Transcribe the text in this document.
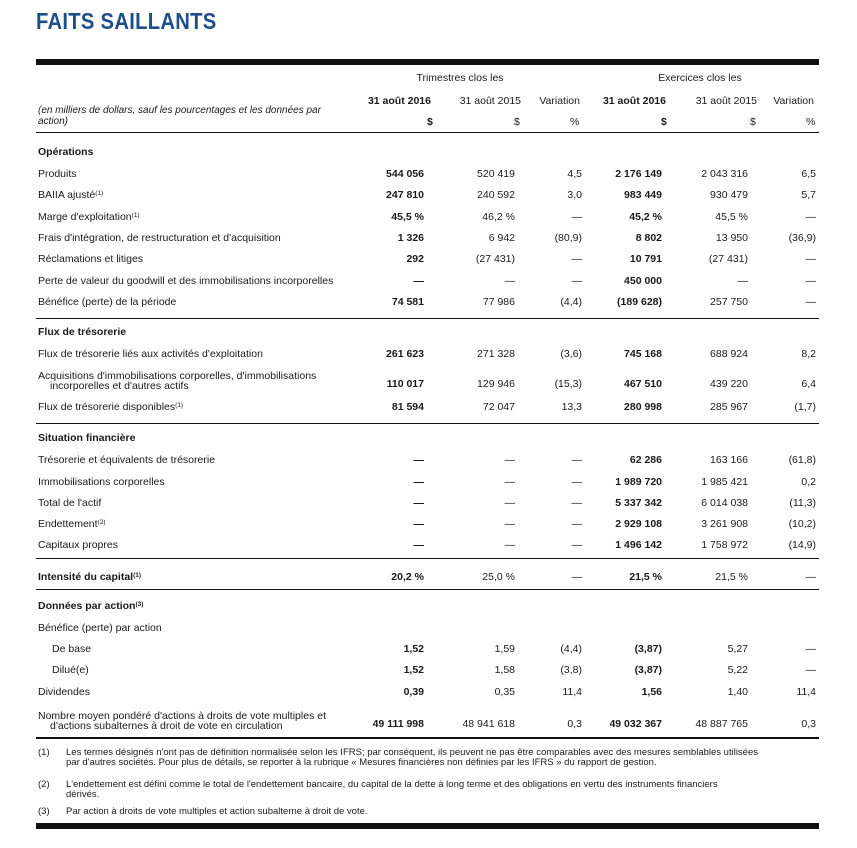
FAITS SAILLANTS
Trimestres clos les	Exercices clos les
31 août 2016	31 août 2015	Variation	31 août 2016	31 août 2015	Variation
(en milliers de dollars, sauf les pourcentages et les données par action)	$	$	%	$	$	%
Opérations
Flux de trésorerie
Situation financière
Données par action$^{(3)}$
Produits	544 056	520 419	4,5	2 176 149	2 043 316	6,5
BAIIA ajusté$^{(1)}$	247 810	240 592	3,0	983 449	930 479	5,7
Marge d'exploitation$^{(1)}$	45,5 %	46,2 %	—	45,2 %	45,5 %	—
Frais d'intégration, de restructuration et d'acquisition	1 326	6 942	(80,9)	8 802	13 950	(36,9)
Réclamations et litiges	292	(27 431)	—	10 791	(27 431)	—
Perte de valeur du goodwill et des immobilisations incorporelles	—	—	—	450 000	—	—
Bénéfice (perte) de la période	74 581	77 986	(4,4)	(189 628)	257 750	—
Flux de trésorerie liés aux activités d'exploitation	261 623	271 328	(3,6)	745 168	688 924	8,2
Acquisitions d'immobilisations corporelles, d'immobilisations
incorporelles et d'autres actifs	110 017	129 946	(15,3)	467 510	439 220	6,4
Flux de trésorerie disponibles$^{(1)}$	81 594	72 047	13,3	280 998	285 967	(1,7)
Trésorerie et équivalents de trésorerie	—	—	—	62 286	163 166	(61,8)
Immobilisations corporelles	—	—	—	1 989 720	1 985 421	0,2
Total de l'actif	—	—	—	5 337 342	6 014 038	(11,3)
Endettement$^{(2)}$	—	—	—	2 929 108	3 261 908	(10,2)
Capitaux propres	—	—	—	1 496 142	1 758 972	(14,9)
Intensité du capital$^{(1)}$	20,2 %	25,0 %	—	21,5 %	21,5 %	—
Bénéfice (perte) par action
De base	1,52	1,59	(4,4)	(3,87)	5,27	—
Dilué(e)	1,52	1,58	(3,8)	(3,87)	5,22	—
Dividendes	0,39	0,35	11,4	1,56	1,40	11,4
Nombre moyen pondéré d'actions à droits de vote multiples et
d'actions subalternes à droit de vote en circulation	49 111 998	48 941 618	0,3	49 032 367	48 887 765	0,3
(1) Les termes désignés n'ont pas de définition normalisée selon les IFRS; par conséquent, ils peuvent ne pas être comparables avec des mesures semblables utilisées
par d'autres sociétés. Pour plus de détails, se reporter à la rubrique « Mesures financières non définies par les IFRS » du rapport de gestion.
(2) L'endettement est défini comme le total de l'endettement bancaire, du capital de la dette à long terme et des obligations en vertu des instruments financiers
dérivés.
(3) Par action à droits de vote multiples et action subalterne à droit de vote.
